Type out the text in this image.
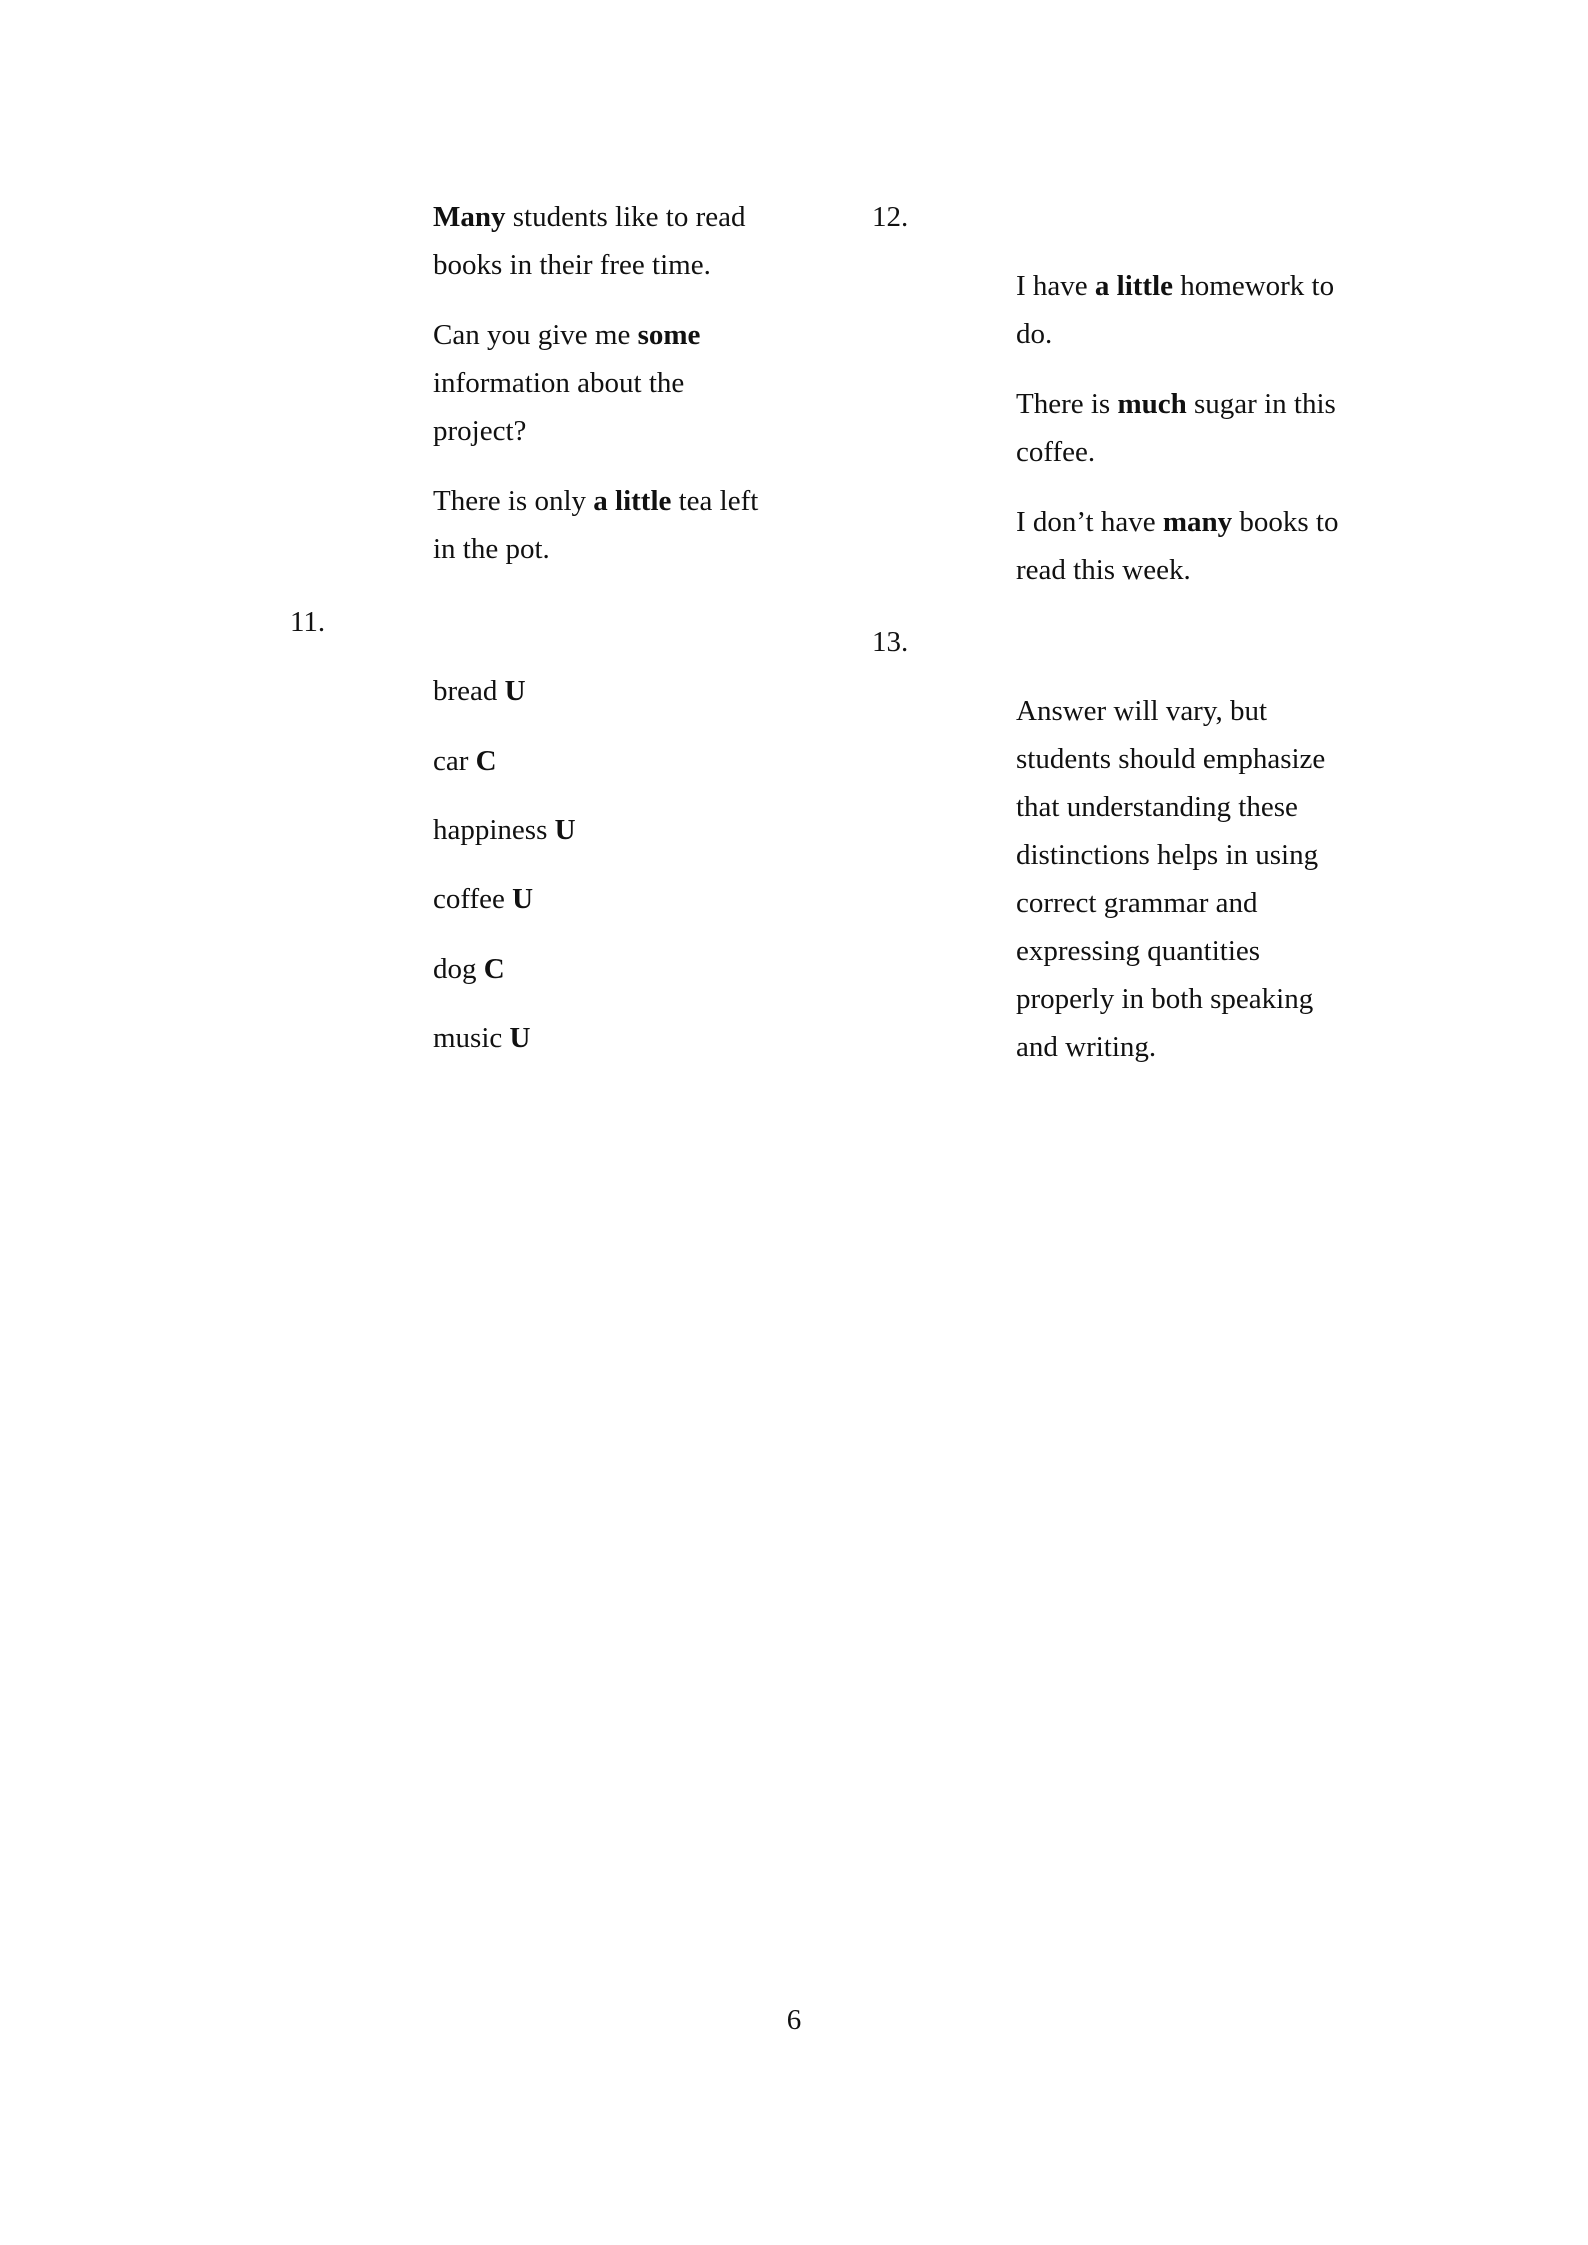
Many students like to read
books in their free time.

Can you give me some
information about the
project?

There is only a little tea left
in the pot.

11.

bread U

car C

happiness U

coffee U

dog C

music U

12.

I have a little homework to
do.

There is much sugar in this
coffee.

I don’t have many books to
read this week.

13.

Answer will vary, but
students should emphasize
that understanding these
distinctions helps in using
correct grammar and
expressing quantities
properly in both speaking
and writing.

6
